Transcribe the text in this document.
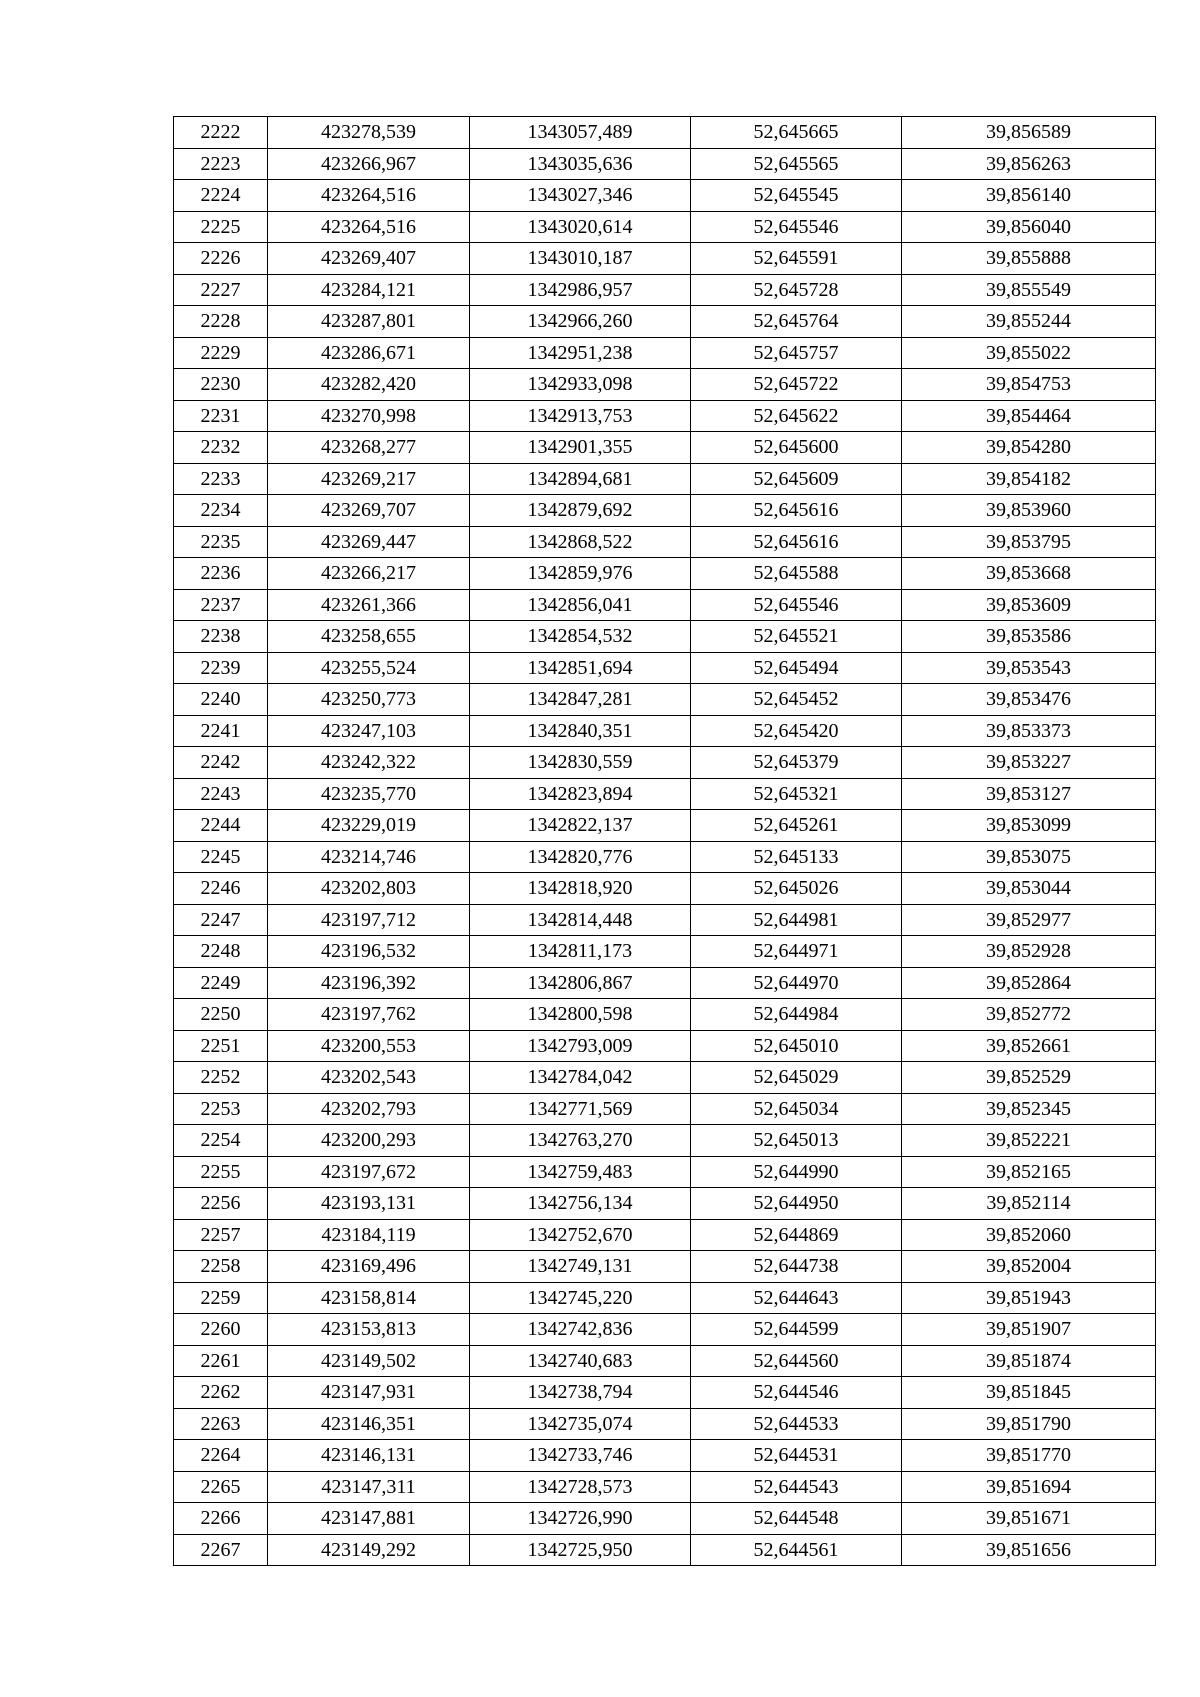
2222	423278,539	1343057,489	52,645665	39,856589
2223	423266,967	1343035,636	52,645565	39,856263
2224	423264,516	1343027,346	52,645545	39,856140
2225	423264,516	1343020,614	52,645546	39,856040
2226	423269,407	1343010,187	52,645591	39,855888
2227	423284,121	1342986,957	52,645728	39,855549
2228	423287,801	1342966,260	52,645764	39,855244
2229	423286,671	1342951,238	52,645757	39,855022
2230	423282,420	1342933,098	52,645722	39,854753
2231	423270,998	1342913,753	52,645622	39,854464
2232	423268,277	1342901,355	52,645600	39,854280
2233	423269,217	1342894,681	52,645609	39,854182
2234	423269,707	1342879,692	52,645616	39,853960
2235	423269,447	1342868,522	52,645616	39,853795
2236	423266,217	1342859,976	52,645588	39,853668
2237	423261,366	1342856,041	52,645546	39,853609
2238	423258,655	1342854,532	52,645521	39,853586
2239	423255,524	1342851,694	52,645494	39,853543
2240	423250,773	1342847,281	52,645452	39,853476
2241	423247,103	1342840,351	52,645420	39,853373
2242	423242,322	1342830,559	52,645379	39,853227
2243	423235,770	1342823,894	52,645321	39,853127
2244	423229,019	1342822,137	52,645261	39,853099
2245	423214,746	1342820,776	52,645133	39,853075
2246	423202,803	1342818,920	52,645026	39,853044
2247	423197,712	1342814,448	52,644981	39,852977
2248	423196,532	1342811,173	52,644971	39,852928
2249	423196,392	1342806,867	52,644970	39,852864
2250	423197,762	1342800,598	52,644984	39,852772
2251	423200,553	1342793,009	52,645010	39,852661
2252	423202,543	1342784,042	52,645029	39,852529
2253	423202,793	1342771,569	52,645034	39,852345
2254	423200,293	1342763,270	52,645013	39,852221
2255	423197,672	1342759,483	52,644990	39,852165
2256	423193,131	1342756,134	52,644950	39,852114
2257	423184,119	1342752,670	52,644869	39,852060
2258	423169,496	1342749,131	52,644738	39,852004
2259	423158,814	1342745,220	52,644643	39,851943
2260	423153,813	1342742,836	52,644599	39,851907
2261	423149,502	1342740,683	52,644560	39,851874
2262	423147,931	1342738,794	52,644546	39,851845
2263	423146,351	1342735,074	52,644533	39,851790
2264	423146,131	1342733,746	52,644531	39,851770
2265	423147,311	1342728,573	52,644543	39,851694
2266	423147,881	1342726,990	52,644548	39,851671
2267	423149,292	1342725,950	52,644561	39,851656
